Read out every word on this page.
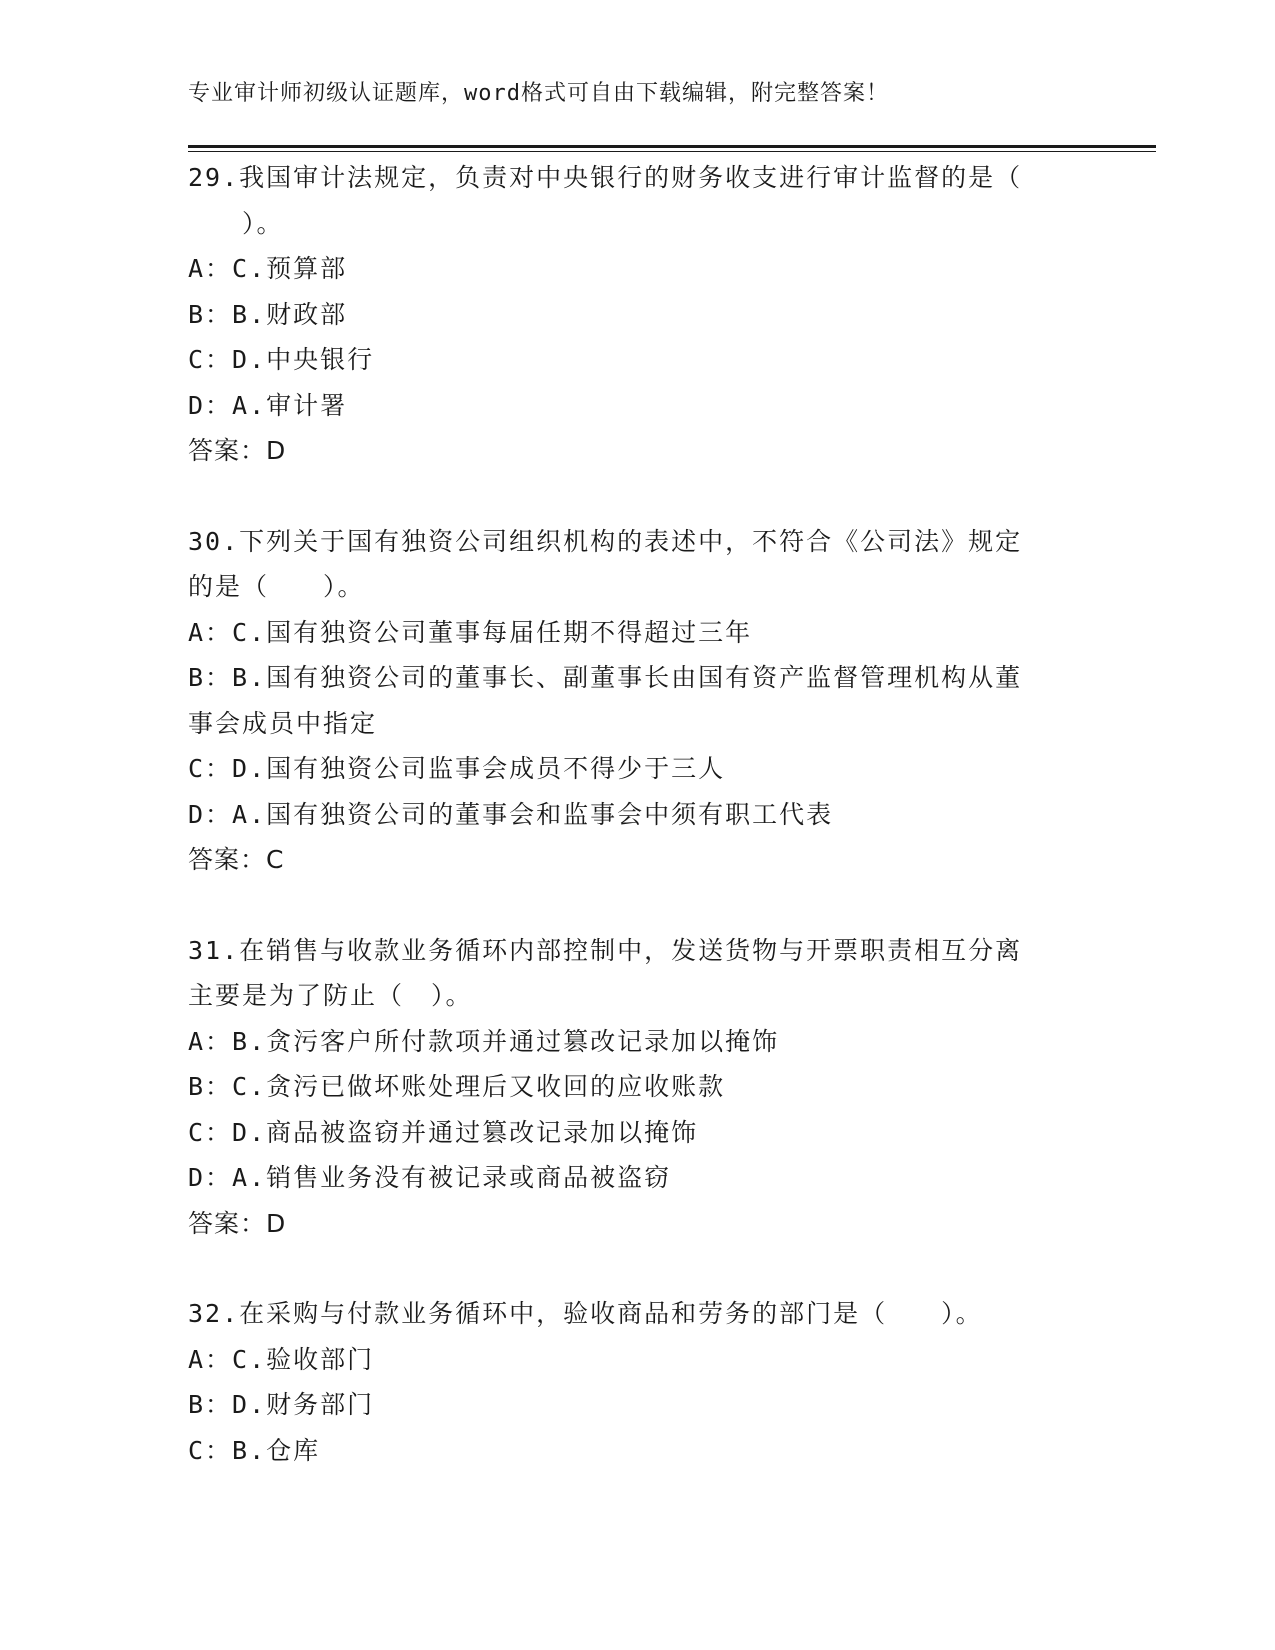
专业审计师初级认证题库，word格式可自由下载编辑，附完整答案！
29.我国审计法规定，负责对中央银行的财务收支进行审计监督的是（
　　）。
A：C.预算部
B：B.财政部
C：D.中央银行
D：A.审计署
答案：D
30.下列关于国有独资公司组织机构的表述中，不符合《公司法》规定
的是（　　）。
A：C.国有独资公司董事每届任期不得超过三年
B：B.国有独资公司的董事长、副董事长由国有资产监督管理机构从董
事会成员中指定
C：D.国有独资公司监事会成员不得少于三人
D：A.国有独资公司的董事会和监事会中须有职工代表
答案：C
31.在销售与收款业务循环内部控制中，发送货物与开票职责相互分离
主要是为了防止（　）。
A：B.贪污客户所付款项并通过篡改记录加以掩饰
B：C.贪污已做坏账处理后又收回的应收账款
C：D.商品被盗窃并通过篡改记录加以掩饰
D：A.销售业务没有被记录或商品被盗窃
答案：D
32.在采购与付款业务循环中，验收商品和劳务的部门是（　　）。
A：C.验收部门
B：D.财务部门
C：B.仓库
